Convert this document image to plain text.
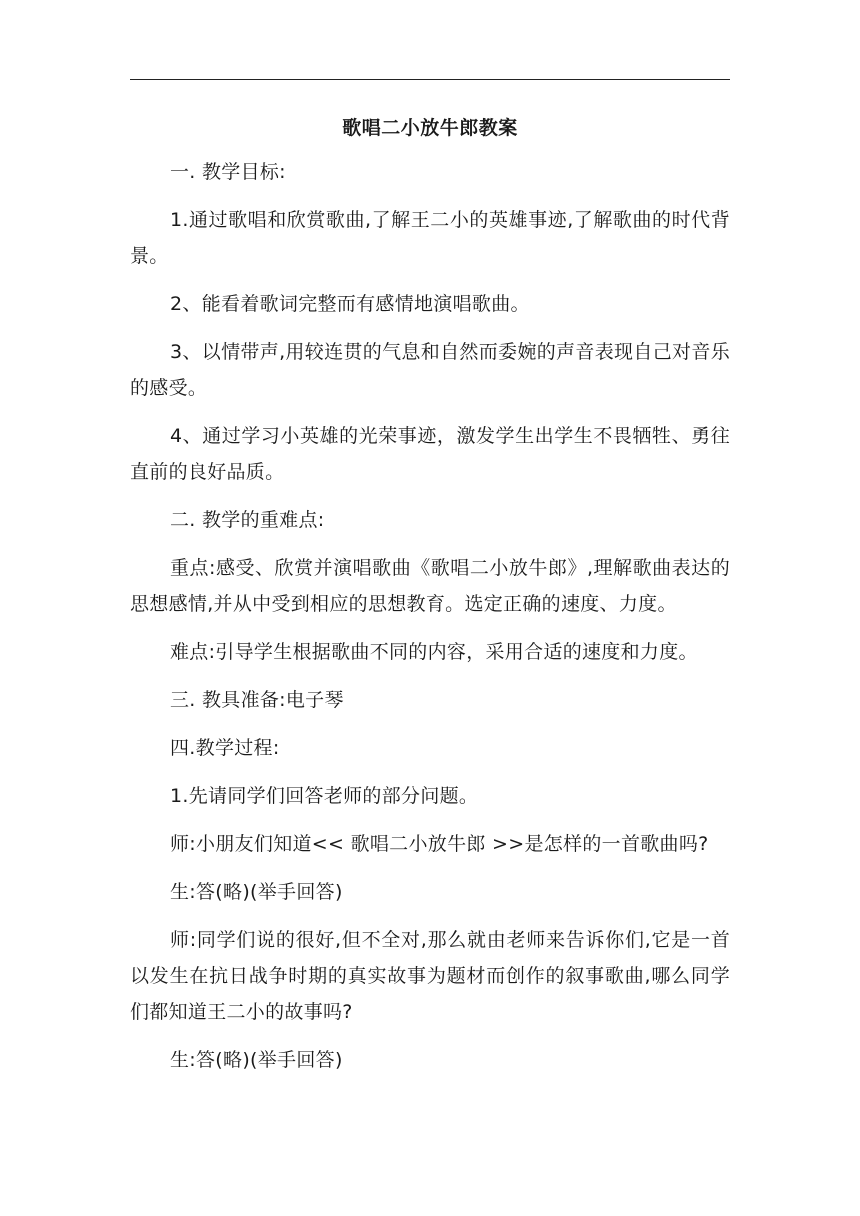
歌唱二小放牛郎教案

一. 教学目标:

1.通过歌唱和欣赏歌曲,了解王二小的英雄事迹,了解歌曲的时代背景。

2、能看着歌词完整而有感情地演唱歌曲。

3、以情带声,用较连贯的气息和自然而委婉的声音表现自己对音乐的感受。

4、通过学习小英雄的光荣事迹，激发学生出学生不畏牺牲、勇往直前的良好品质。

二. 教学的重难点:

重点:感受、欣赏并演唱歌曲《歌唱二小放牛郎》,理解歌曲表达的思想感情,并从中受到相应的思想教育。选定正确的速度、力度。

难点:引导学生根据歌曲不同的内容，采用合适的速度和力度。

三. 教具准备:电子琴

四.教学过程:

1.先请同学们回答老师的部分问题。

师:小朋友们知道<< 歌唱二小放牛郎 >>是怎样的一首歌曲吗?

生:答(略)(举手回答)

师:同学们说的很好,但不全对,那么就由老师来告诉你们,它是一首以发生在抗日战争时期的真实故事为题材而创作的叙事歌曲,哪么同学们都知道王二小的故事吗?

生:答(略)(举手回答)
